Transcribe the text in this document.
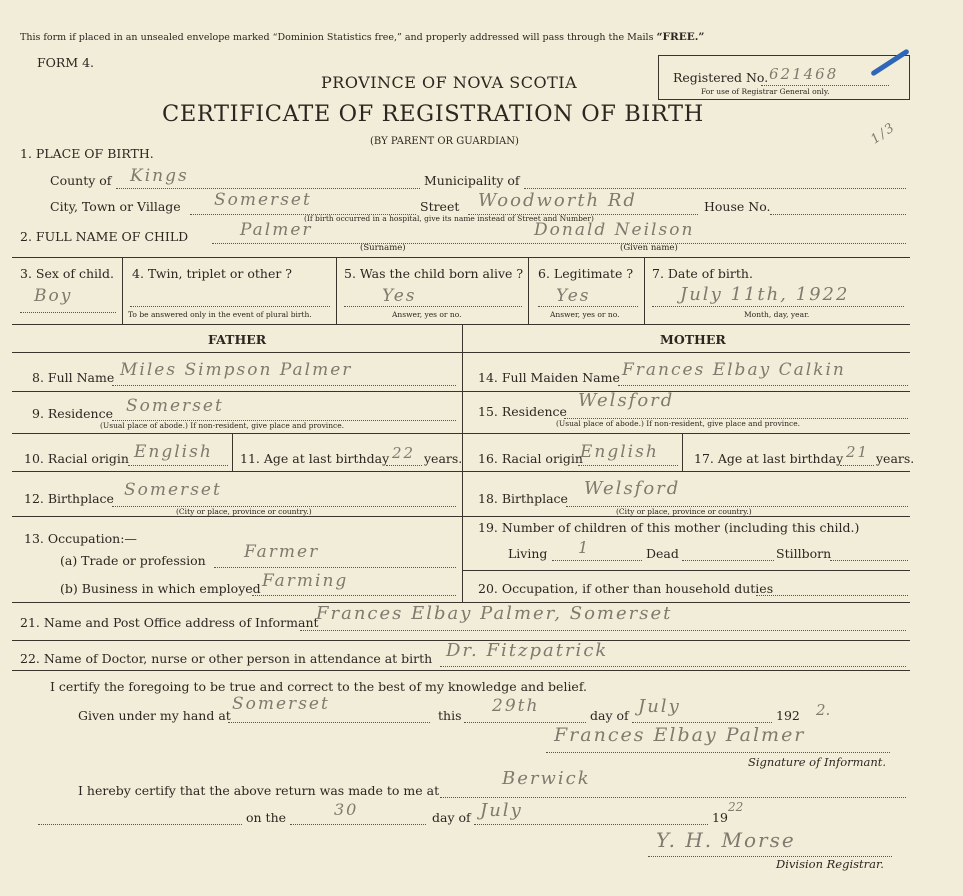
This form if placed in an unsealed envelope marked “Dominion Statistics free,” and properly addressed will pass through the Mails “FREE.”
FORM 4.
PROVINCE OF NOVA SCOTIA
CERTIFICATE OF REGISTRATION OF BIRTH
(BY PARENT OR GUARDIAN)
Registered No. 621468
For use of Registrar General only.
1/3
1. PLACE OF BIRTH.
County of Kings	Municipality of
City, Town or Village Somerset	Street Woodworth Rd	House No.
(If birth occurred in a hospital, give its name instead of Street and Number)
2. FULL NAME OF CHILD	Palmer	Donald Neilson
(Surname)	(Given name)
3. Sex of child.
Boy
4. Twin, triplet or other ?
To be answered only in the event of plural birth.
5. Was the child born alive ?
Yes
Answer, yes or no.
6. Legitimate ?
Yes
Answer, yes or no.
7. Date of birth.
July 11th, 1922
Month, day, year.
FATHER	MOTHER
8. Full Name Miles Simpson Palmer
9. Residence Somerset
(Usual place of abode.) If non-resident, give place and province.
10. Racial origin English 11. Age at last birthday 22 years.
12. Birthplace Somerset
(City or place, province or country.)
13. Occupation:—
(a) Trade or profession Farmer
(b) Business in which employed Farming
14. Full Maiden Name Frances Elbay Calkin
15. Residence
Welsford
(Usual place of abode.) If non-resident, give place and province.
16. Racial origin
English	17. Age at last birthday 21 years.
18. Birthplace Welsford
(City or place, province or country.)
19. Number of children of this mother (including this child.)
Living 1	Dead	Stillborn
20. Occupation, if other than household duties
21. Name and Post Office address of Informant
Frances Elbay Palmer, Somerset
22. Name of Doctor, nurse or other person in attendance at birth Dr. Fitzpatrick
I certify the foregoing to be true and correct to the best of my knowledge and belief.
Given under my hand at
Somerset
this 29th	day of July	192 2.
Frances Elbay Palmer
Signature of Informant.
I hereby certify that the above return was made to me at
Berwick
on the	30	day of July	19
22
Y. H. Morse
Division Registrar.
